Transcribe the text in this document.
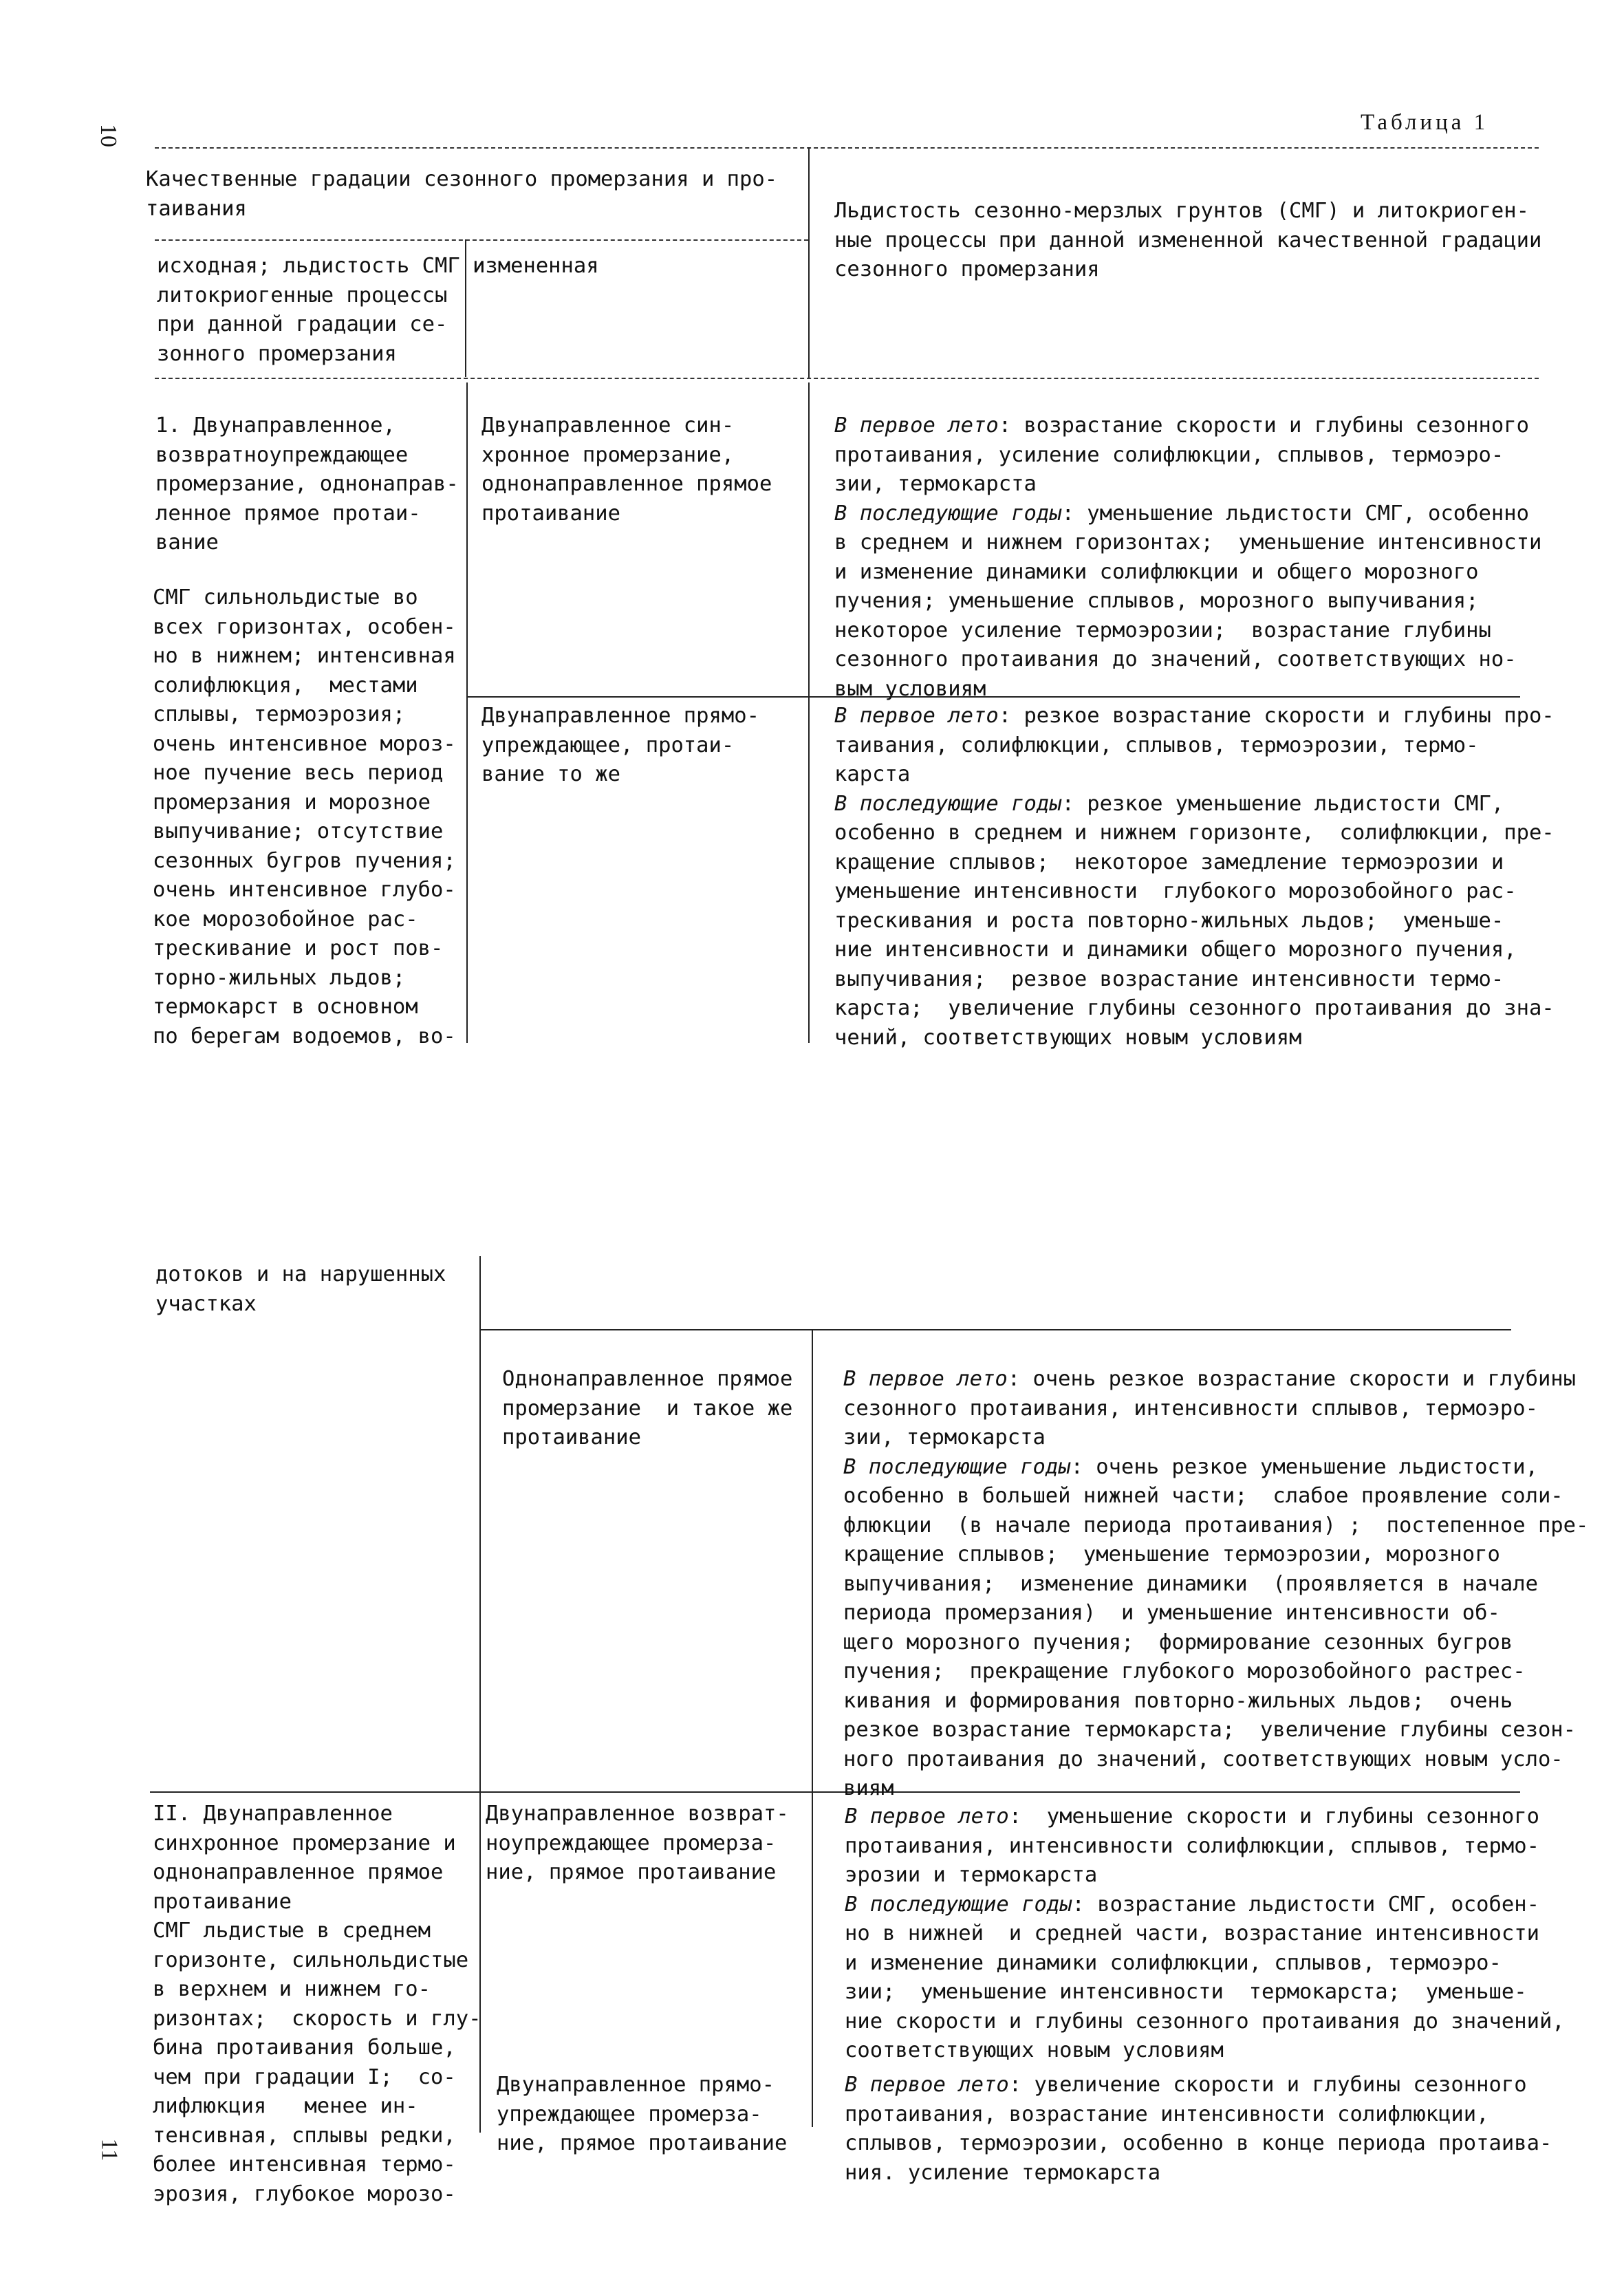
10
11
Таблица 1
Качественные градации сезонного промерзания и про-
таивания
исходная; льдистость СМГ и
литокриогенные процессы
при данной градации се-
зонного промерзания
измененная
Льдистость сезонно-мерзлых грунтов (СМГ) и литокриоген-
ные процессы при данной измененной качественной градации
сезонного промерзания
1. Двунаправленное,
возвратноупреждающее
промерзание, однонаправ-
ленное прямое протаи-
вание
СМГ сильнольдистые во
всех горизонтах, особен-
но в нижнем; интенсивная
солифлюкция,  местами
сплывы, термоэрозия;
очень интенсивное мороз-
ное пучение весь период
промерзания и морозное
выпучивание; отсутствие
сезонных бугров пучения;
очень интенсивное глубо-
кое морозобойное рас-
трескивание и рост пов-
торно-жильных льдов;
термокарст в основном
по берегам водоемов, во-
Двунаправленное син-
хронное промерзание,
однонаправленное прямое
протаивание
В первое лето: возрастание скорости и глубины сезонного
протаивания, усиление солифлюкции, сплывов, термоэро-
зии, термокарста
В последующие годы: уменьшение льдистости СМГ, особенно
в среднем и нижнем горизонтах;  уменьшение интенсивности
и изменение динамики солифлюкции и общего морозного
пучения; уменьшение сплывов, морозного выпучивания;
некоторое усиление термоэрозии;  возрастание глубины
сезонного протаивания до значений, соответствующих но-
вым условиям
Двунаправленное прямо-
упреждающее, протаи-
вание то же
В первое лето: резкое возрастание скорости и глубины про-
таивания, солифлюкции, сплывов, термоэрозии, термо-
карста
В последующие годы: резкое уменьшение льдистости СМГ,
особенно в среднем и нижнем горизонте,  солифлюкции, пре-
кращение сплывов;  некоторое замедление термоэрозии и
уменьшение интенсивности  глубокого морозобойного рас-
трескивания и роста повторно-жильных льдов;  уменьше-
ние интенсивности и динамики общего морозного пучения,
выпучивания;  резвое возрастание интенсивности термо-
карста;  увеличение глубины сезонного протаивания до зна-
чений, соответствующих новым условиям
дотоков и на нарушенных
участках
Однонаправленное прямое
промерзание  и такое же
протаивание
В первое лето: очень резкое возрастание скорости и глубины
сезонного протаивания, интенсивности сплывов, термоэро-
зии, термокарста
В последующие годы: очень резкое уменьшение льдистости,
особенно в большей нижней части;  слабое проявление соли-
флюкции  (в начале периода протаивания) ;  постепенное пре-
кращение сплывов;  уменьшение термоэрозии, морозного
выпучивания;  изменение динамики  (проявляется в начале
периода промерзания)  и уменьшение интенсивности об-
щего морозного пучения;  формирование сезонных бугров
пучения;  прекращение глубокого морозобойного растрес-
кивания и формирования повторно-жильных льдов;  очень
резкое возрастание термокарста;  увеличение глубины сезон-
ного протаивания до значений, соответствующих новым усло-
виям
II. Двунаправленное
синхронное промерзание и
однонаправленное прямое
протаивание
СМГ льдистые в среднем
горизонте, сильнольдистые
в верхнем и нижнем го-
ризонтах;  скорость и глу-
бина протаивания больше,
чем при градации I;  со-
лифлюкция   менее ин-
тенсивная, сплывы редки,
более интенсивная термо-
эрозия, глубокое морозо-
Двунаправленное возврат-
ноупреждающее промерза-
ние, прямое протаивание
В первое лето:  уменьшение скорости и глубины сезонного
протаивания, интенсивности солифлюкции, сплывов, термо-
эрозии и термокарста
В последующие годы: возрастание льдистости СМГ, особен-
но в нижней  и средней части, возрастание интенсивности
и изменение динамики солифлюкции, сплывов, термоэро-
зии;  уменьшение интенсивности  термокарста;  уменьше-
ние скорости и глубины сезонного протаивания до значений,
соответствующих новым условиям
Двунаправленное прямо-
упреждающее промерза-
ние, прямое протаивание
В первое лето: увеличение скорости и глубины сезонного
протаивания, возрастание интенсивности солифлюкции,
сплывов, термоэрозии, особенно в конце периода протаива-
ния. усиление термокарста
